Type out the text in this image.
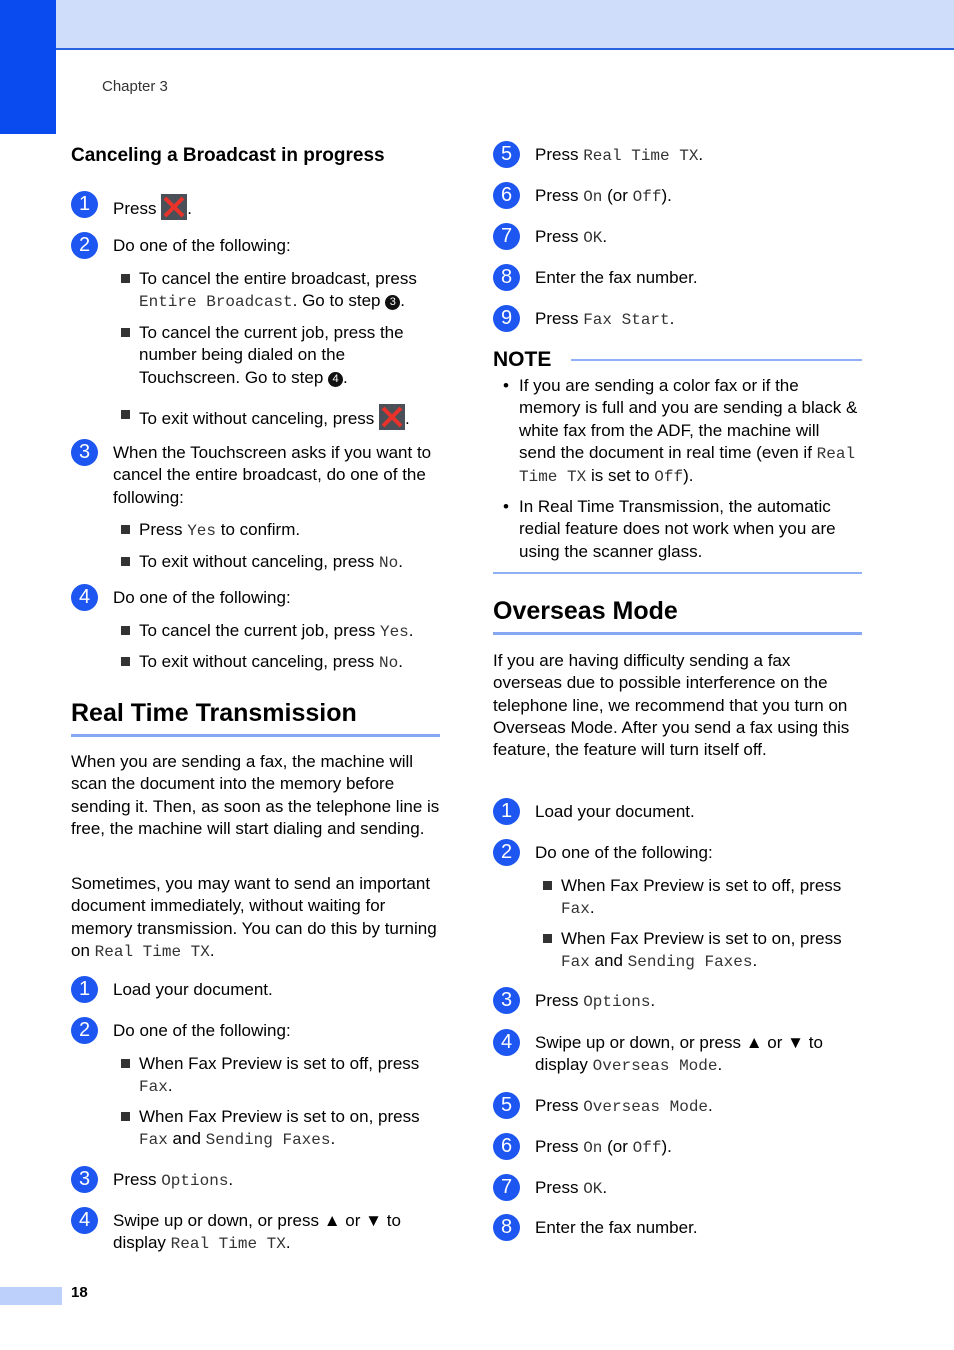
Chapter 3
Canceling a Broadcast in progress
1	Press .
2	Do one of the following:
To cancel the entire broadcast, press Entire Broadcast. Go to step 3 .
To cancel the current job, press the number being dialed on the Touchscreen. Go to step 4 .
To exit without canceling, press .
3	When the Touchscreen asks if you want to cancel the entire broadcast, do one of the following:
Press Yes to confirm.
To exit without canceling, press No.
4	Do one of the following:
To cancel the current job, press Yes.
To exit without canceling, press No.
Real Time Transmission
When you are sending a fax, the machine will scan the document into the memory before sending it. Then, as soon as the telephone line is free, the machine will start dialing and sending.
Sometimes, you may want to send an important document immediately, without waiting for memory transmission. You can do this by turning on Real Time TX.
1	Load your document.
2	Do one of the following:
When Fax Preview is set to off, press Fax.
When Fax Preview is set to on, press Fax and Sending Faxes.
3	Press Options.
4	Swipe up or down, or press ▲ or ▼ to display Real Time TX.
5	Press Real Time TX.
6	Press On (or Off).
7	Press OK.
8	Enter the fax number.
9	Press Fax Start.
NOTE
• If you are sending a color fax or if the memory is full and you are sending a black & white fax from the ADF, the machine will send the document in real time (even if Real Time TX is set to Off).
• In Real Time Transmission, the automatic redial feature does not work when you are using the scanner glass.
Overseas Mode
If you are having difficulty sending a fax overseas due to possible interference on the telephone line, we recommend that you turn on Overseas Mode. After you send a fax using this feature, the feature will turn itself off.
1	Load your document.
2	Do one of the following:
When Fax Preview is set to off, press Fax.
When Fax Preview is set to on, press Fax and Sending Faxes.
3	Press Options.
4	Swipe up or down, or press ▲ or ▼ to display Overseas Mode.
5	Press Overseas Mode.
6	Press On (or Off).
7	Press OK.
8	Enter the fax number.
18
